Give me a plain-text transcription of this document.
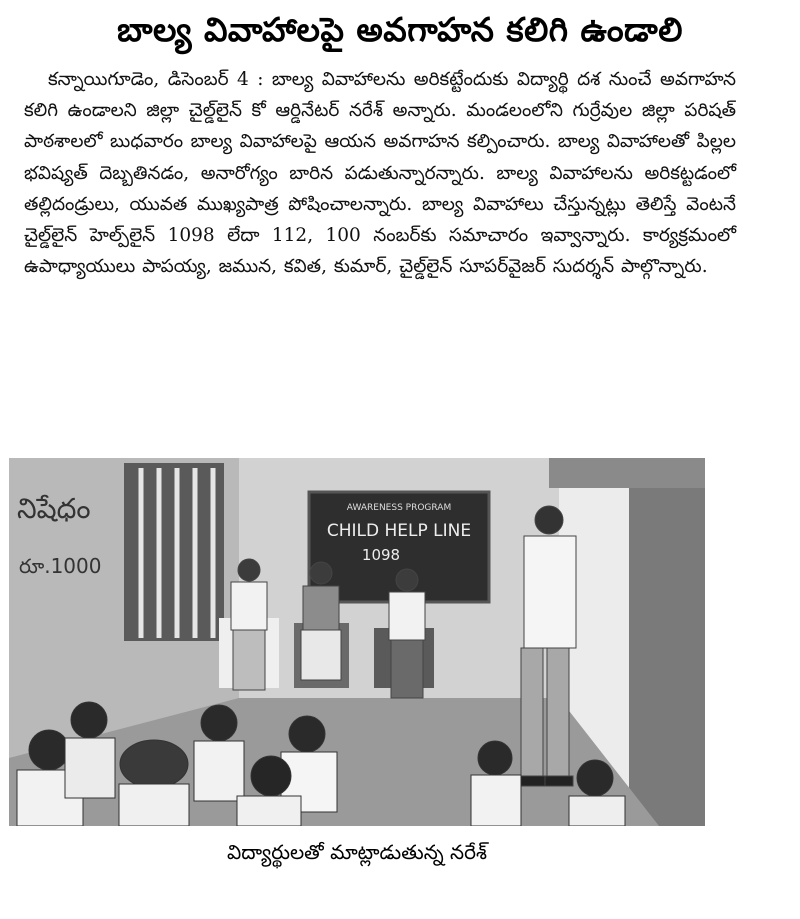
బాల్య వివాహాలపై అవగాహన కలిగి ఉండాలి

కన్నాయిగూడెం, డిసెంబర్ 4 : బాల్య వివాహాలను అరికట్టేందుకు విద్యార్థి దశ నుంచే అవగాహన కలిగి ఉండాలని జిల్లా చైల్డ్‌లైన్ కో ఆర్డినేటర్ నరేశ్ అన్నారు. మండలంలోని గుర్రేవుల జిల్లా పరిషత్ పాఠశాలలో బుధవారం బాల్య వివాహాలపై ఆయన అవగాహన కల్పించారు. బాల్య వివాహాలతో పిల్లల భవిష్యత్ దెబ్బతినడం, అనారోగ్యం బారిన పడుతున్నారన్నారు. బాల్య వివాహాలను అరికట్టడంలో తల్లిదండ్రులు, యువత ముఖ్యపాత్ర పోషించాలన్నారు. బాల్య వివాహాలు చేస్తున్నట్లు తెలిస్తే వెంటనే చైల్డ్‌లైన్ హెల్ప్‌లైన్ 1098 లేదా 112, 100 నంబర్‌కు సమాచారం ఇవ్వాన్నారు. కార్యక్రమంలో ఉపాధ్యాయులు పాపయ్య, జమున, కవిత, కుమార్, చైల్డ్‌లైన్ సూపర్‌వైజర్ సుదర్శన్ పాల్గొన్నారు.

నిషేధం
రూ.1000
AWARENESS PROGRAM
CHILD HELP LINE
1098

విద్యార్థులతో మాట్లాడుతున్న నరేశ్
